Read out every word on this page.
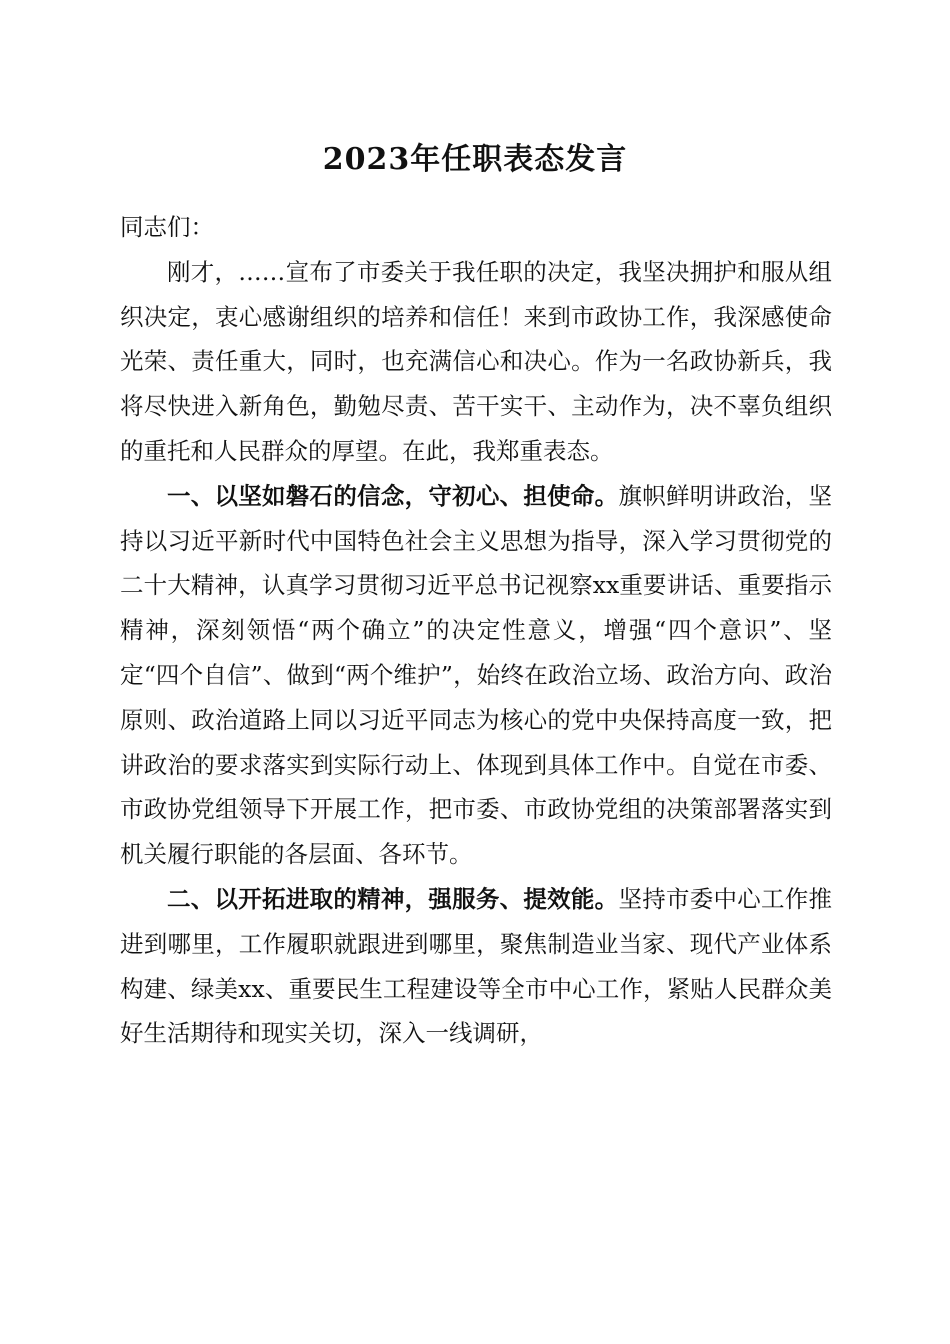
2023年任职表态发言

同志们：

刚才，……宣布了市委关于我任职的决定，我坚决拥护和服从组织决定，衷心感谢组织的培养和信任！来到市政协工作，我深感使命光荣、责任重大，同时，也充满信心和决心。作为一名政协新兵，我将尽快进入新角色，勤勉尽责、苦干实干、主动作为，决不辜负组织的重托和人民群众的厚望。在此，我郑重表态。

一、以坚如磐石的信念，守初心、担使命。旗帜鲜明讲政治，坚持以习近平新时代中国特色社会主义思想为指导，深入学习贯彻党的二十大精神，认真学习贯彻习近平总书记视察xx重要讲话、重要指示精神，深刻领悟“两个确立”的决定性意义，增强“四个意识”、坚定“四个自信”、做到“两个维护”，始终在政治立场、政治方向、政治原则、政治道路上同以习近平同志为核心的党中央保持高度一致，把讲政治的要求落实到实际行动上、体现到具体工作中。自觉在市委、市政协党组领导下开展工作，把市委、市政协党组的决策部署落实到机关履行职能的各层面、各环节。

二、以开拓进取的精神，强服务、提效能。坚持市委中心工作推进到哪里，工作履职就跟进到哪里，聚焦制造业当家、现代产业体系构建、绿美xx、重要民生工程建设等全市中心工作，紧贴人民群众美好生活期待和现实关切，深入一线调研，
